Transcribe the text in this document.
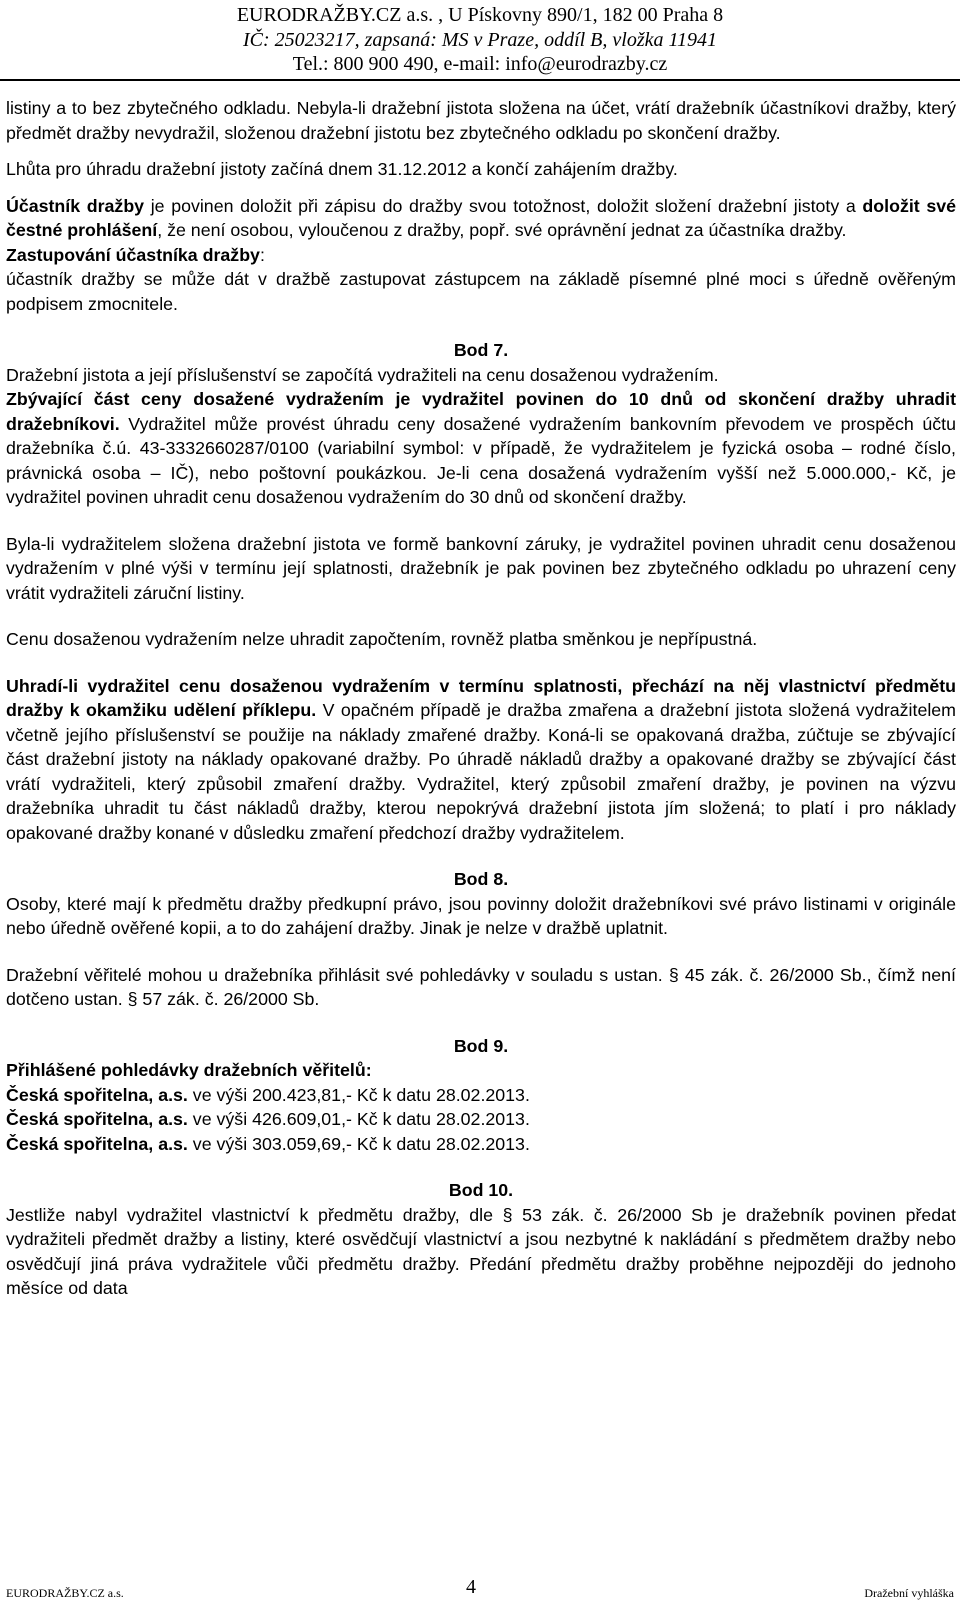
EURODRAŽBY.CZ a.s. , U Pískovny 890/1, 182 00 Praha 8
IČ: 25023217, zapsaná: MS v Praze, oddíl B, vložka 11941
Tel.: 800 900 490, e-mail: info@eurodrazby.cz

listiny a to bez zbytečného odkladu. Nebyla-li dražební jistota složena na účet, vrátí dražebník účastníkovi dražby, který předmět dražby nevydražil, složenou dražební jistotu bez zbytečného odkladu po skončení dražby.

Lhůta pro úhradu dražební jistoty začíná dnem 31.12.2012 a končí zahájením dražby.

Účastník dražby je povinen doložit při zápisu do dražby svou totožnost, doložit složení dražební jistoty a doložit své čestné prohlášení, že není osobou, vyloučenou z dražby, popř. své oprávnění jednat za účastníka dražby.

Zastupování účastníka dražby:

účastník dražby se může dát v dražbě zastupovat zástupcem na základě písemné plné moci s úředně ověřeným podpisem zmocnitele.

Bod 7.

Dražební jistota a její příslušenství se započítá vydražiteli na cenu dosaženou vydražením.

Zbývající část ceny dosažené vydražením je vydražitel povinen do 10 dnů od skončení dražby uhradit dražebníkovi. Vydražitel může provést úhradu ceny dosažené vydražením bankovním převodem ve prospěch účtu dražebníka č.ú. 43-3332660287/0100 (variabilní symbol: v případě, že vydražitelem je fyzická osoba – rodné číslo, právnická osoba – IČ), nebo poštovní poukázkou. Je-li cena dosažená vydražením vyšší než 5.000.000,- Kč, je vydražitel povinen uhradit cenu dosaženou vydražením do 30 dnů od skončení dražby.

Byla-li vydražitelem složena dražební jistota ve formě bankovní záruky, je vydražitel povinen uhradit cenu dosaženou vydražením v plné výši v termínu její splatnosti, dražebník je pak povinen bez zbytečného odkladu po uhrazení ceny vrátit vydražiteli záruční listiny.

Cenu dosaženou vydražením nelze uhradit započtením, rovněž platba směnkou je nepřípustná.

Uhradí-li vydražitel cenu dosaženou vydražením v termínu splatnosti, přechází na něj vlastnictví předmětu dražby k okamžiku udělení příklepu. V opačném případě je dražba zmařena a dražební jistota složená vydražitelem včetně jejího příslušenství se použije na náklady zmařené dražby. Koná-li se opakovaná dražba, zúčtuje se zbývající část dražební jistoty na náklady opakované dražby. Po úhradě nákladů dražby a opakované dražby se zbývající část vrátí vydražiteli, který způsobil zmaření dražby. Vydražitel, který způsobil zmaření dražby, je povinen na výzvu dražebníka uhradit tu část nákladů dražby, kterou nepokrývá dražební jistota jím složená; to platí i pro náklady opakované dražby konané v důsledku zmaření předchozí dražby vydražitelem.

Bod 8.

Osoby, které mají k předmětu dražby předkupní právo, jsou povinny doložit dražebníkovi své právo listinami v originále nebo úředně ověřené kopii, a to do zahájení dražby. Jinak je nelze v dražbě uplatnit.

Dražební věřitelé mohou u dražebníka přihlásit své pohledávky v souladu s ustan. § 45 zák. č. 26/2000 Sb., čímž není dotčeno ustan. § 57 zák. č. 26/2000 Sb.

Bod 9.

Přihlášené pohledávky dražebních věřitelů:

Česká spořitelna, a.s. ve výši 200.423,81,- Kč k datu 28.02.2013.

Česká spořitelna, a.s. ve výši 426.609,01,- Kč k datu 28.02.2013.

Česká spořitelna, a.s. ve výši 303.059,69,- Kč k datu 28.02.2013.

Bod 10.

Jestliže nabyl vydražitel vlastnictví k předmětu dražby, dle § 53 zák. č. 26/2000 Sb je dražebník povinen předat vydražiteli předmět dražby a listiny, které osvědčují vlastnictví a jsou nezbytné k nakládání s předmětem dražby nebo osvědčují jiná práva vydražitele vůči předmětu dražby. Předání předmětu dražby proběhne nejpozději do jednoho měsíce od data

EURODRAŽBY.CZ a.s.	4	Dražební vyhláška
